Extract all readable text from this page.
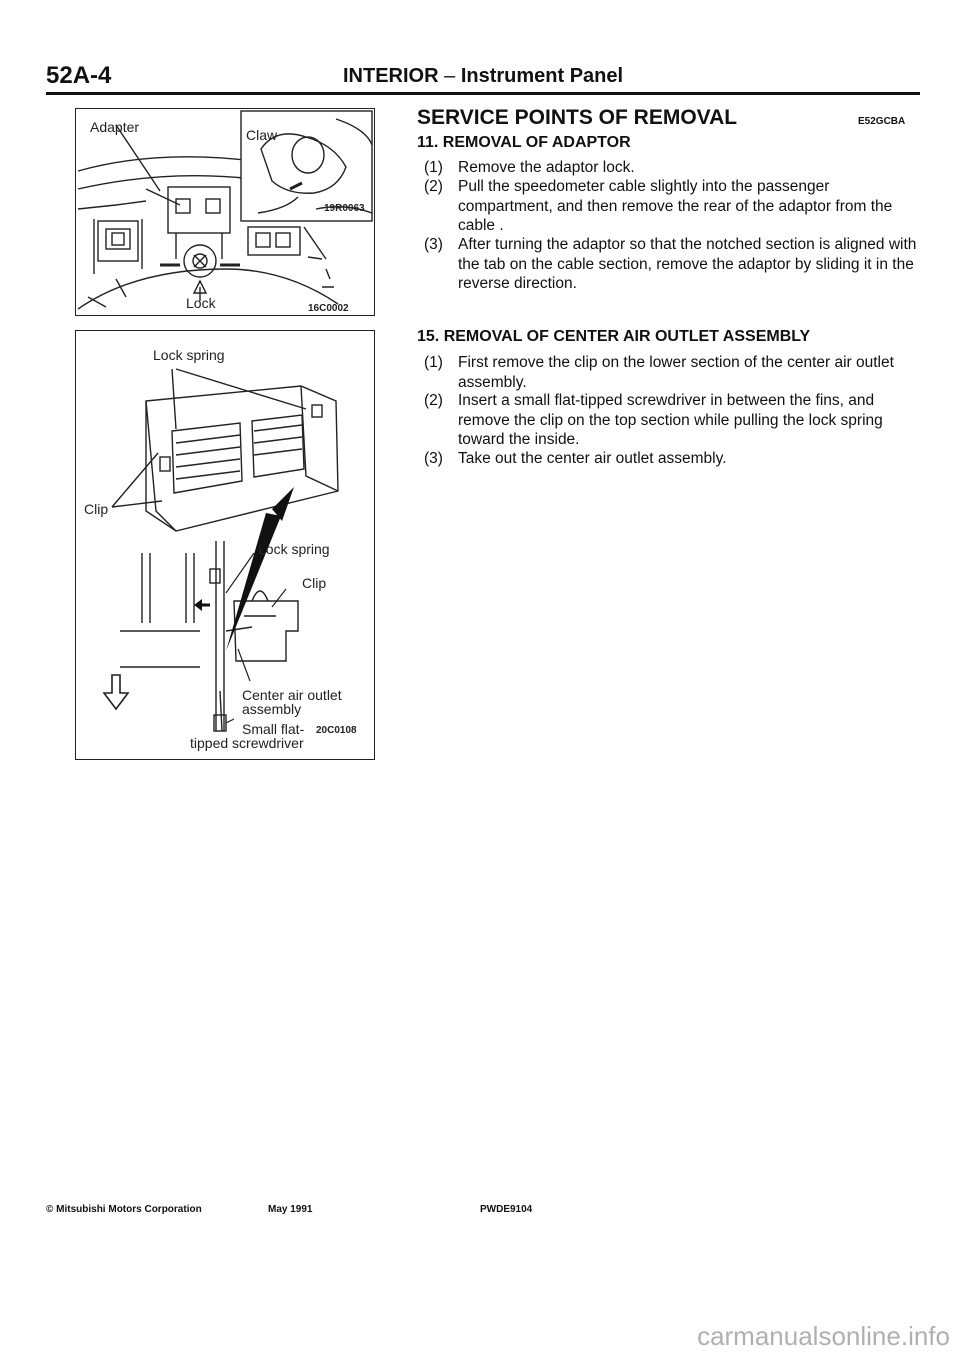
52A-4	INTERIOR – Instrument Panel
Adapter	Claw
Lock
19R0063
16C0002
Lock spring
Clip
Lock spring
Clip
Center air outlet
assembly
Small flat- 20C0108
tipped screwdriver
SERVICE POINTS OF REMOVAL	E52GCBA
11. REMOVAL OF ADAPTOR
(1) Remove the adaptor lock.
(2) Pull the speedometer cable slightly into the passenger compartment, and then remove the rear of the adaptor from the cable .
(3) After turning the adaptor so that the notched section is aligned with the tab on the cable section, remove the adaptor by sliding it in the reverse direction.
15. REMOVAL OF CENTER AIR OUTLET ASSEMBLY
(1) First remove the clip on the lower section of the center air outlet assembly.
(2) Insert a small flat-tipped screwdriver in between the fins, and remove the clip on the top section while pulling the lock spring toward the inside.
(3) Take out the center air outlet assembly.
© Mitsubishi Motors Corporation	May 1991	PWDE9104
carmanualsonline.info
